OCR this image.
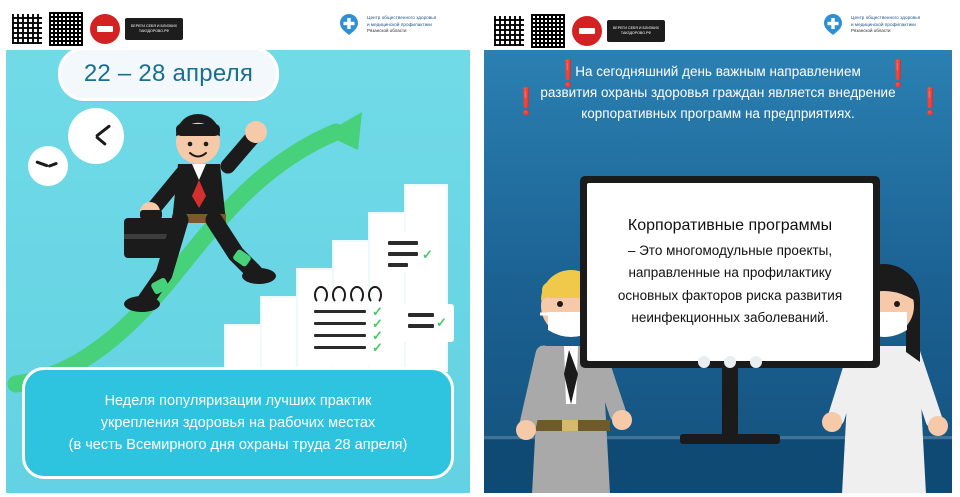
БЕРЕГИ СЕБЯ И БЛИЗКИХ ТАКЗДОРОВО.РФ
Центр общественного здоровья
и медицинской профилактики
Рязанской области
22 – 28 апреля
✓
✓
✓
✓
✓
✓
Неделя популяризации лучших практик
укрепления здоровья на рабочих местах
(в честь Всемирного дня охраны труда 28 апреля)
БЕРЕГИ СЕБЯ И БЛИЗКИХ ТАКЗДОРОВО.РФ
Центр общественного здоровья
и медицинской профилактики
Рязанской области
❗	❗
❗	❗
На сегодняшний день важным направлением
развития охраны здоровья граждан является внедрение
корпоративных программ на предприятиях.
Корпоративные программы
– Это многомодульные проекты,
направленные на профилактику
основных факторов риска развития
неинфекционных заболеваний.
